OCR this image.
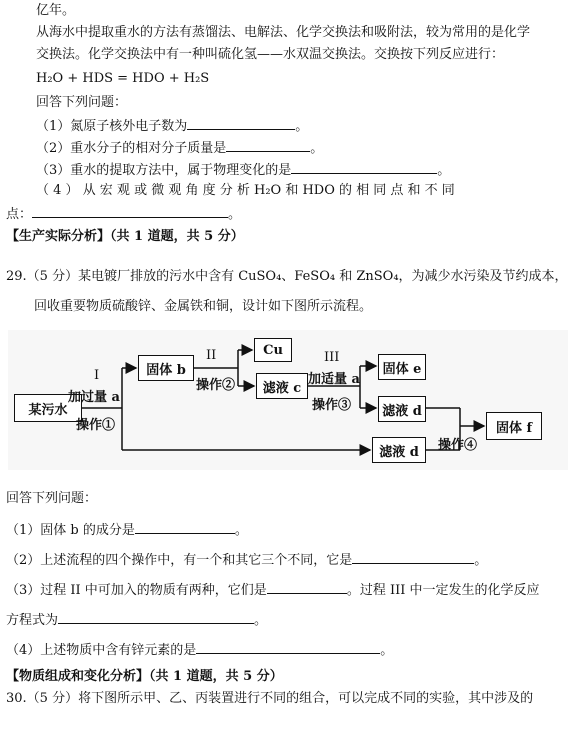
亿年。
从海水中提取重水的方法有蒸馏法、电解法、化学交换法和吸附法，较为常用的是化学
交换法。化学交换法中有一种叫硫化氢——水双温交换法。交换按下列反应进行：
H₂O + HDS = HDO + H₂S
回答下列问题：
（1）氮原子核外电子数为	。
（2）重水分子的相对分子质量是	。
（3）重水的提取方法中，属于物理变化的是	。
（ 4 ） 从 宏 观 或 微 观 角 度 分 析 H₂O 和 HDO 的 相 同 点 和 不 同
点：	。
【生产实际分析】（共 1 道题，共 5 分）
29.（5 分）某电镀厂排放的污水中含有 CuSO₄、FeSO₄ 和 ZnSO₄，为减少水污染及节约成本，
回收重要物质硫酸锌、金属铁和铜，设计如下图所示流程。
某污水
固体 b
Cu
滤液 c
固体 e
滤液 d
滤液 d
固体 f
I
加过量 a
操作①
II
操作②
III
加适量 a
操作③
操作④
回答下列问题：
（1）固体 b 的成分是	。
（2）上述流程的四个操作中，有一个和其它三个不同，它是	。
（3）过程 II 中可加入的物质有两种，它们是	。过程 III 中一定发生的化学反应
方程式为	。
（4）上述物质中含有锌元素的是	。
【物质组成和变化分析】（共 1 道题，共 5 分）
30.（5 分）将下图所示甲、乙、丙装置进行不同的组合，可以完成不同的实验，其中涉及的
